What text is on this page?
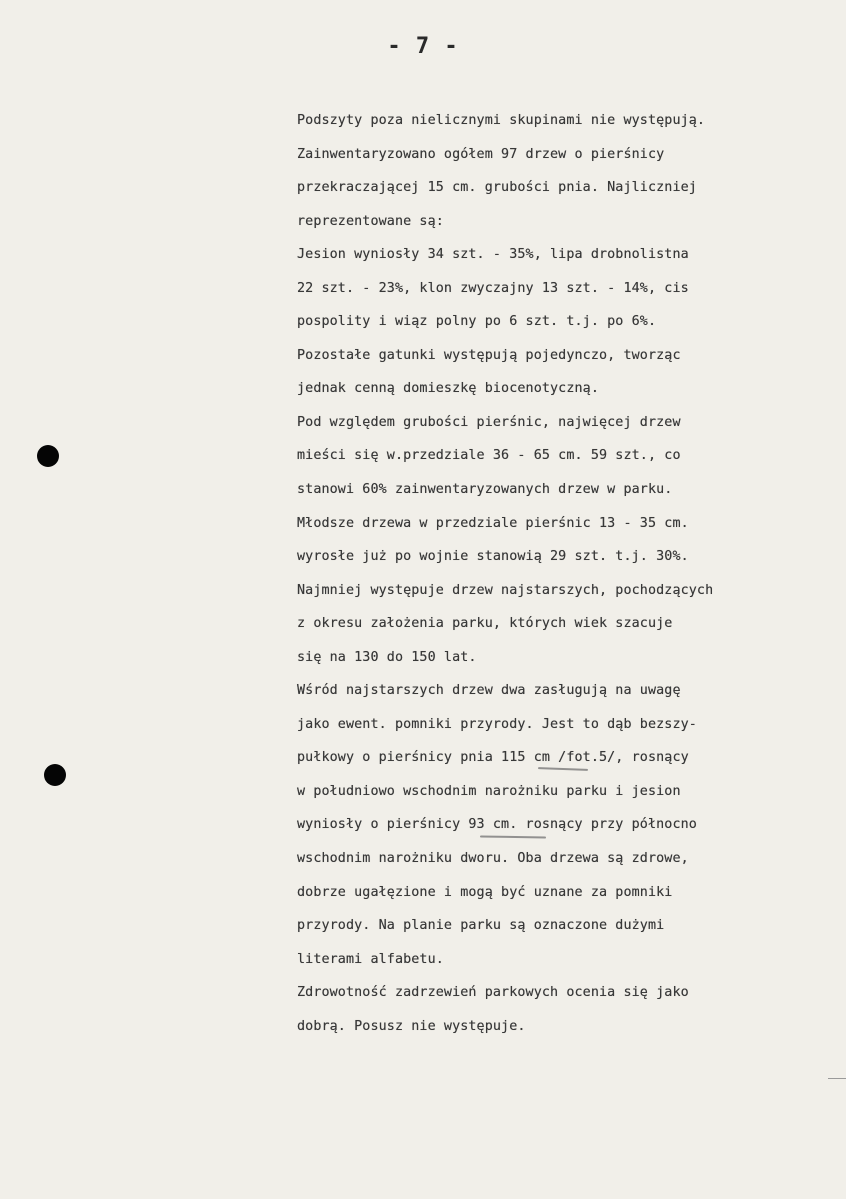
- 7 -
Podszyty poza nielicznymi skupinami nie występują.
Zainwentaryzowano ogółem 97 drzew o pierśnicy
przekraczającej 15 cm. grubości pnia. Najliczniej
reprezentowane są:
Jesion wyniosły 34 szt. - 35%, lipa drobnolistna
22 szt. - 23%, klon zwyczajny 13 szt. - 14%, cis
pospolity i wiąz polny po 6 szt. t.j. po 6%.
Pozostałe gatunki występują pojedynczo, tworząc
jednak cenną domieszkę biocenotyczną.
Pod względem grubości pierśnic, najwięcej drzew
mieści się w.przedziale 36 - 65 cm. 59 szt., co
stanowi 60% zainwentaryzowanych drzew w parku.
Młodsze drzewa w przedziale pierśnic 13 - 35 cm.
wyrosłe już po wojnie stanowią 29 szt. t.j. 30%.
Najmniej występuje drzew najstarszych, pochodzących
z okresu założenia parku, których wiek szacuje
się na 130 do 150 lat.
Wśród najstarszych drzew dwa zasługują na uwagę
jako ewent. pomniki przyrody. Jest to dąb bezszy-
pułkowy o pierśnicy pnia 115 cm /fot.5/, rosnący
w południowo wschodnim narożniku parku i jesion
wyniosły o pierśnicy 93 cm. rosnący przy północno
wschodnim narożniku dworu. Oba drzewa są zdrowe,
dobrze ugałęzione i mogą być uznane za pomniki
przyrody. Na planie parku są oznaczone dużymi
literami alfabetu.
Zdrowotność zadrzewień parkowych ocenia się jako
dobrą. Posusz nie występuje.
